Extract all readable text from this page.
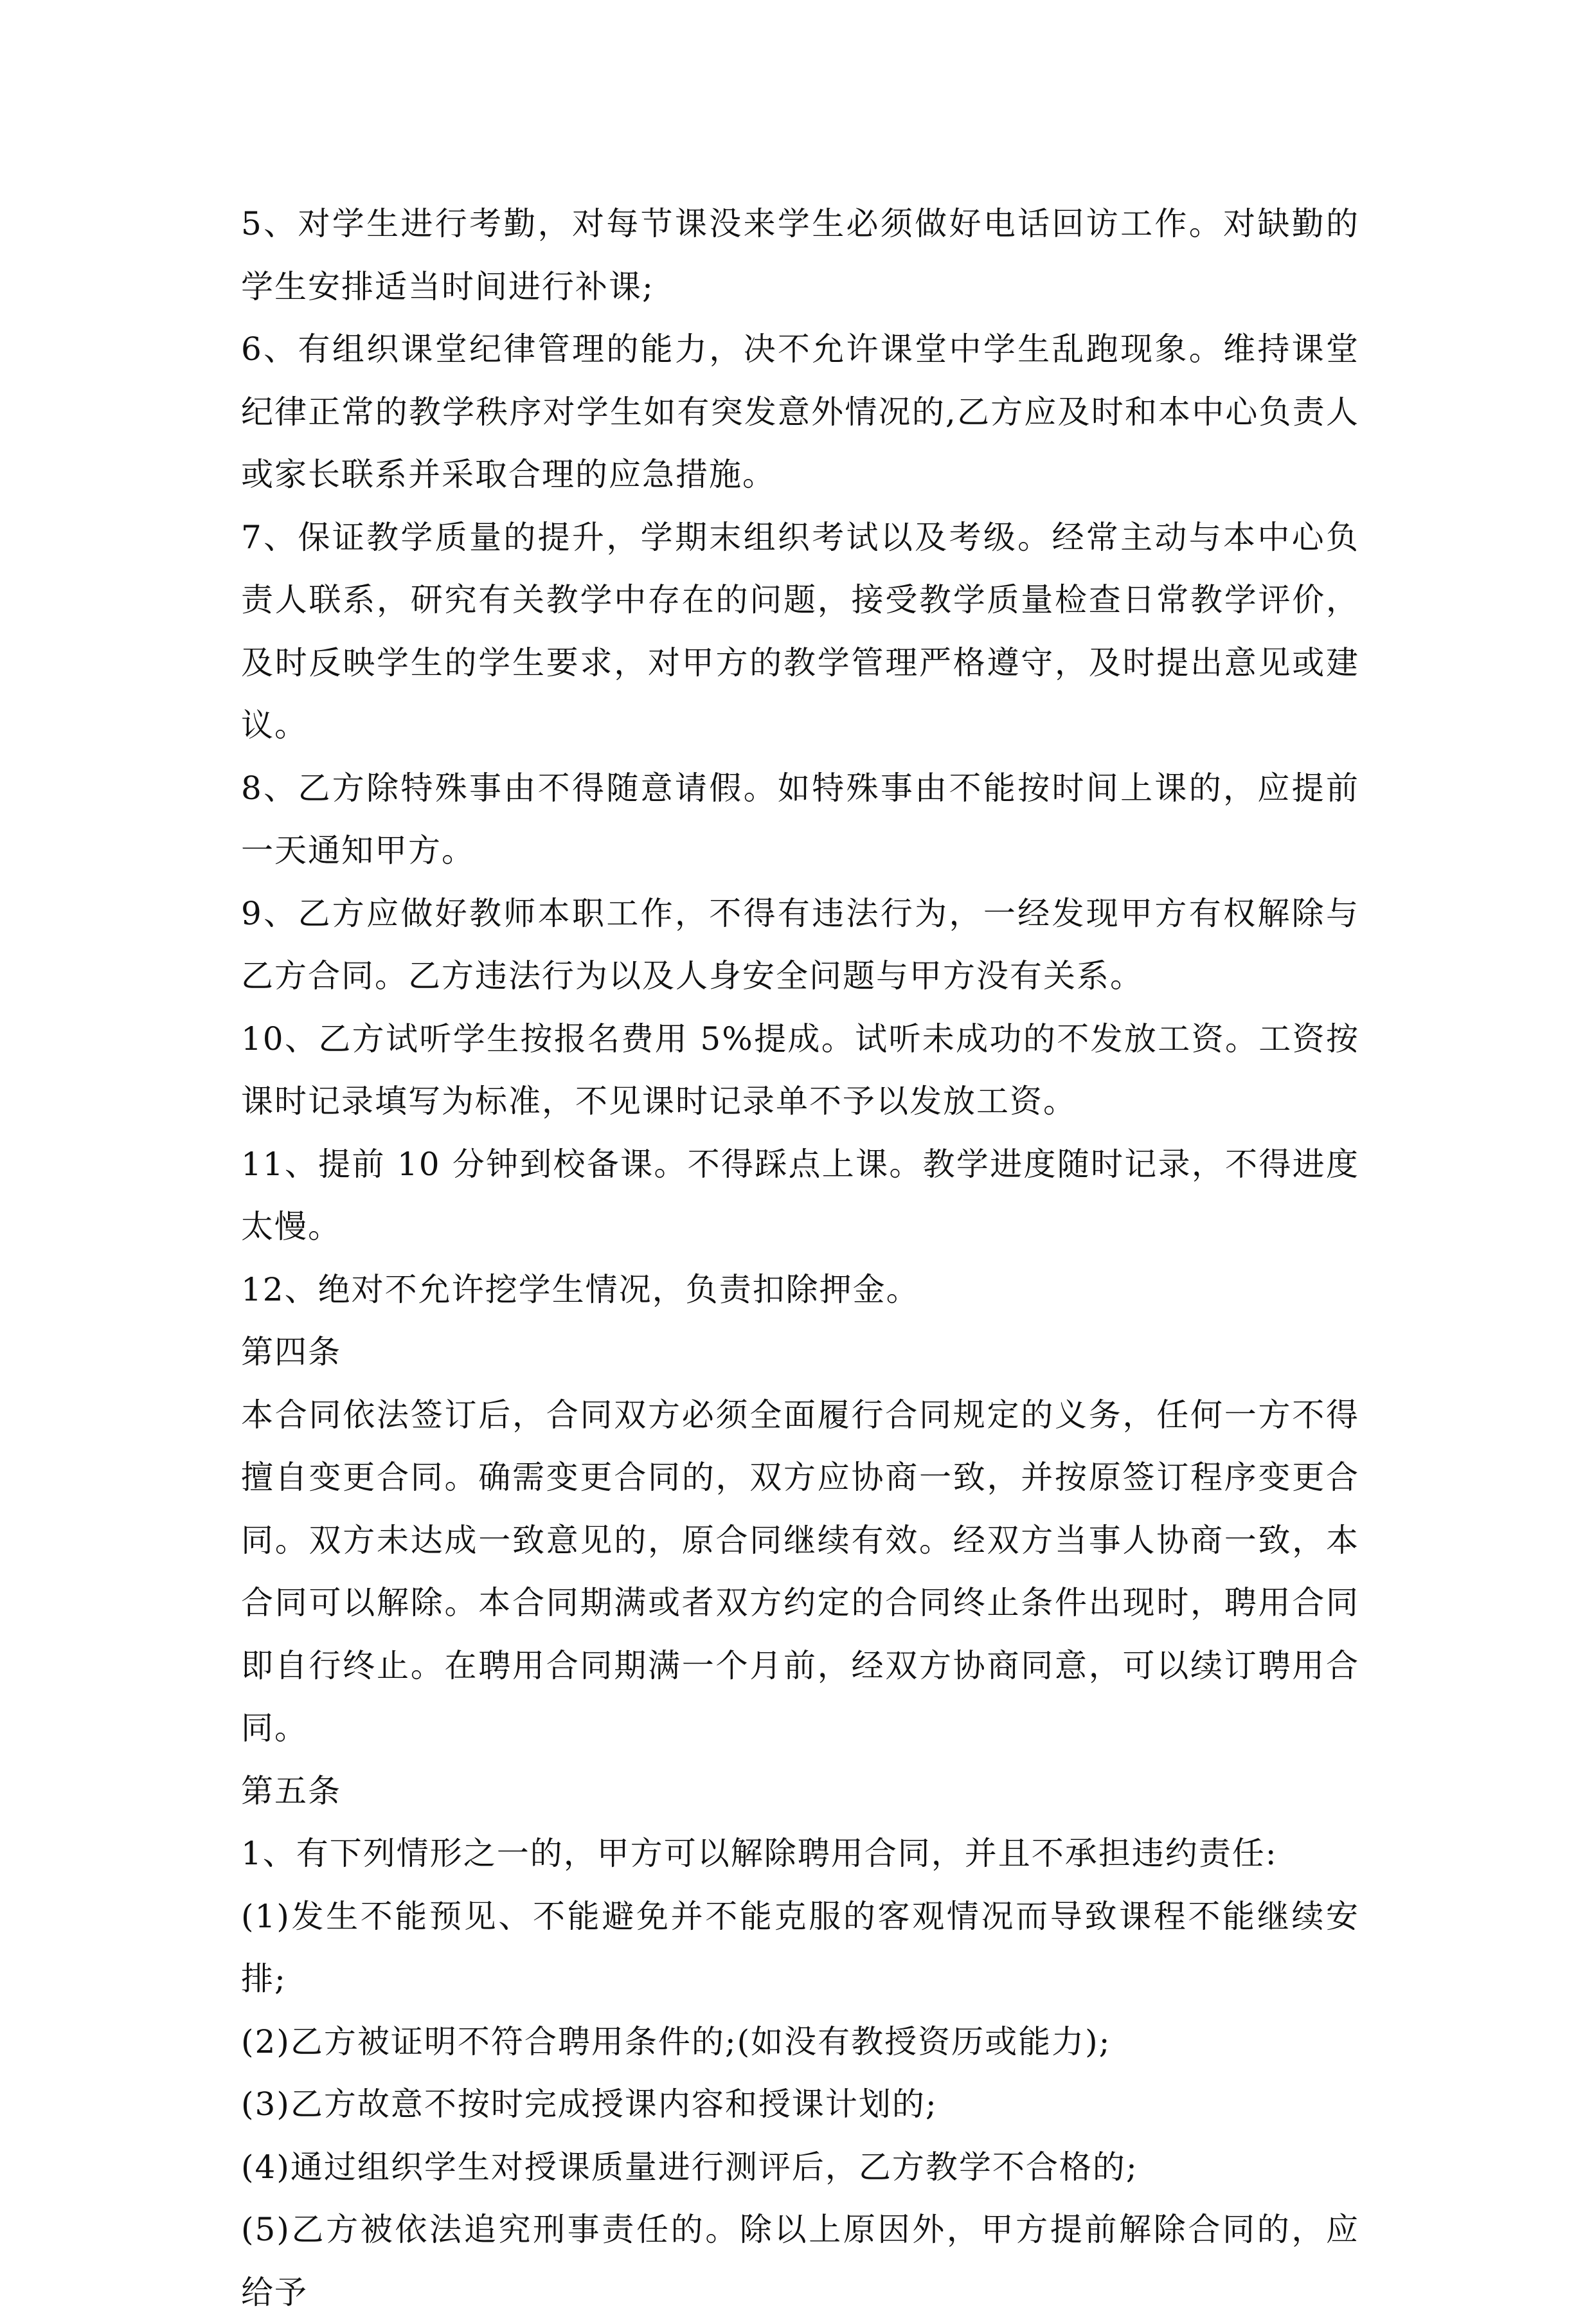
5、对学生进行考勤，对每节课没来学生必须做好电话回访工作。对缺勤的学生安排适当时间进行补课;

6、有组织课堂纪律管理的能力，决不允许课堂中学生乱跑现象。维持课堂纪律正常的教学秩序对学生如有突发意外情况的,乙方应及时和本中心负责人或家长联系并采取合理的应急措施。

7、保证教学质量的提升，学期末组织考试以及考级。经常主动与本中心负责人联系，研究有关教学中存在的问题，接受教学质量检查日常教学评价，及时反映学生的学生要求，对甲方的教学管理严格遵守，及时提出意见或建议。

8、乙方除特殊事由不得随意请假。如特殊事由不能按时间上课的，应提前一天通知甲方。

9、乙方应做好教师本职工作，不得有违法行为，一经发现甲方有权解除与乙方合同。乙方违法行为以及人身安全问题与甲方没有关系。

10、乙方试听学生按报名费用 5%提成。试听未成功的不发放工资。工资按课时记录填写为标准，不见课时记录单不予以发放工资。

11、提前 10 分钟到校备课。不得踩点上课。教学进度随时记录，不得进度太慢。

12、绝对不允许挖学生情况，负责扣除押金。

第四条

本合同依法签订后，合同双方必须全面履行合同规定的义务，任何一方不得擅自变更合同。确需变更合同的，双方应协商一致，并按原签订程序变更合同。双方未达成一致意见的，原合同继续有效。经双方当事人协商一致，本合同可以解除。本合同期满或者双方约定的合同终止条件出现时，聘用合同即自行终止。在聘用合同期满一个月前，经双方协商同意，可以续订聘用合同。

第五条

1、有下列情形之一的，甲方可以解除聘用合同，并且不承担违约责任:

(1)发生不能预见、不能避免并不能克服的客观情况而导致课程不能继续安排;

(2)乙方被证明不符合聘用条件的;(如没有教授资历或能力);

(3)乙方故意不按时完成授课内容和授课计划的;

(4)通过组织学生对授课质量进行测评后，乙方教学不合格的;

(5)乙方被依法追究刑事责任的。除以上原因外，甲方提前解除合同的，应给予
